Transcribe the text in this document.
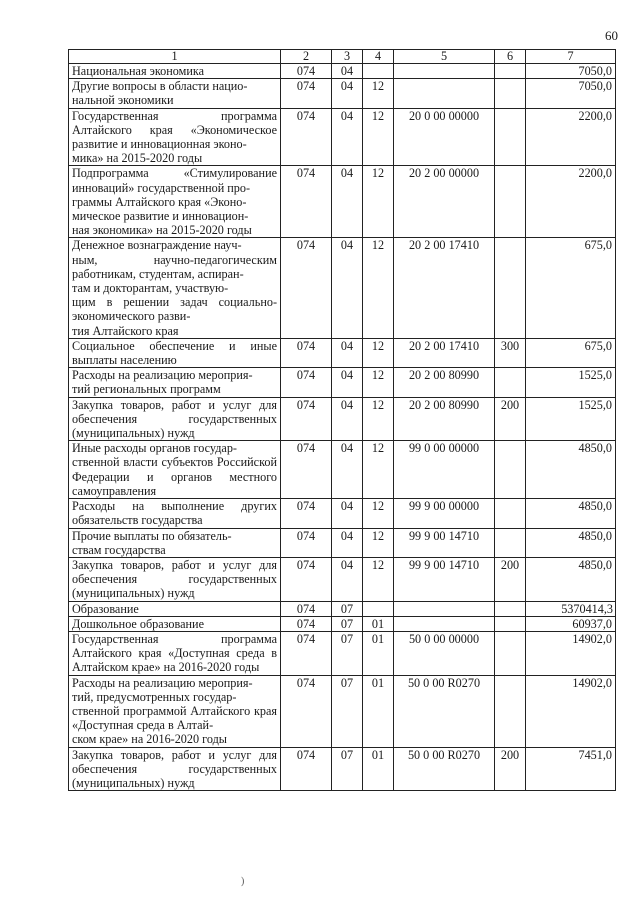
60
1	2	3	4	5	6	7
Национальная экономика	074	04				7050,0
Другие вопросы в области нацио-
нальной экономики	074	04	12			7050,0
Государственная программа Алтайского края «Экономическое развитие и инновационная эконо-
мика» на 2015-2020 годы	074	04	12	20 0 00 00000		2200,0
Подпрограмма «Стимулирование инноваций» государственной про-
граммы Алтайского края «Эконо-
мическое развитие и инновацион-
ная экономика» на 2015-2020 годы	074	04	12	20 2 00 00000		2200,0
Денежное вознаграждение науч-
ным, научно-педагогическим работникам, студентам, аспиран-
там и докторантам, участвую-
щим в решении задач социально-экономического разви-
тия Алтайского края	074	04	12	20 2 00 17410		675,0
Социальное обеспечение и иные выплаты населению	074	04	12	20 2 00 17410	300	675,0
Расходы на реализацию мероприя-
тий региональных программ	074	04	12	20 2 00 80990		1525,0
Закупка товаров, работ и услуг для обеспечения государственных (муниципальных) нужд	074	04	12	20 2 00 80990	200	1525,0
Иные расходы органов государ-
ственной власти субъектов Российской Федерации и органов местного самоуправления	074	04	12	99 0 00 00000		4850,0
Расходы на выполнение других обязательств государства	074	04	12	99 9 00 00000		4850,0
Прочие выплаты по обязатель-
ствам государства	074	04	12	99 9 00 14710		4850,0
Закупка товаров, работ и услуг для обеспечения государственных (муниципальных) нужд	074	04	12	99 9 00 14710	200	4850,0
Образование	074	07				5370414,3
Дошкольное образование	074	07	01			60937,0
Государственная программа Алтайского края «Доступная среда в Алтайском крае» на 2016-2020 годы	074	07	01	50 0 00 00000		14902,0
Расходы на реализацию мероприя-
тий, предусмотренных государ-
ственной программой Алтайского края «Доступная среда в Алтай-
ском крае» на 2016-2020 годы	074	07	01	50 0 00 R0270		14902,0
Закупка товаров, работ и услуг для обеспечения государственных (муниципальных) нужд	074	07	01	50 0 00 R0270	200	7451,0
)
